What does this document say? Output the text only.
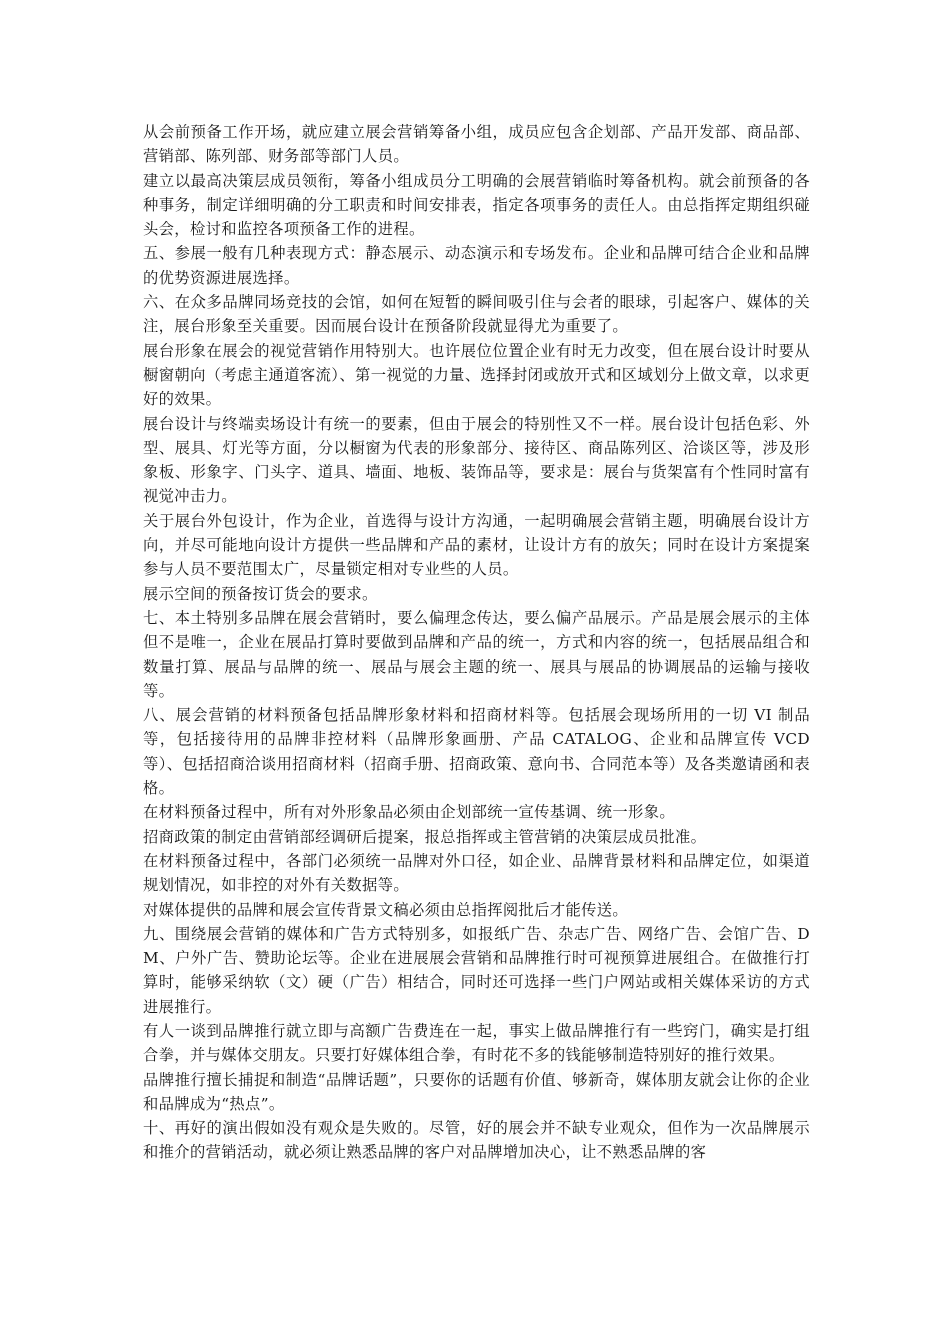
从会前预备工作开场，就应建立展会营销筹备小组，成员应包含企划部、产品开发部、商品部、营销部、陈列部、财务部等部门人员。

建立以最高决策层成员领衔，筹备小组成员分工明确的会展营销临时筹备机构。就会前预备的各种事务，制定详细明确的分工职责和时间安排表，指定各项事务的责任人。由总指挥定期组织碰头会，检讨和监控各项预备工作的进程。

五、参展一般有几种表现方式：静态展示、动态演示和专场发布。企业和品牌可结合企业和品牌的优势资源进展选择。

六、在众多品牌同场竞技的会馆，如何在短暂的瞬间吸引住与会者的眼球，引起客户、媒体的关注，展台形象至关重要。因而展台设计在预备阶段就显得尤为重要了。

展台形象在展会的视觉营销作用特别大。也许展位位置企业有时无力改变，但在展台设计时要从橱窗朝向（考虑主通道客流）、第一视觉的力量、选择封闭或放开式和区域划分上做文章，以求更好的效果。

展台设计与终端卖场设计有统一的要素，但由于展会的特别性又不一样。展台设计包括色彩、外型、展具、灯光等方面，分以橱窗为代表的形象部分、接待区、商品陈列区、洽谈区等，涉及形象板、形象字、门头字、道具、墙面、地板、装饰品等，要求是：展台与货架富有个性同时富有视觉冲击力。

关于展台外包设计，作为企业，首选得与设计方沟通，一起明确展会营销主题，明确展台设计方向，并尽可能地向设计方提供一些品牌和产品的素材，让设计方有的放矢；同时在设计方案提案参与人员不要范围太广，尽量锁定相对专业些的人员。

展示空间的预备按订货会的要求。

七、本土特别多品牌在展会营销时，要么偏理念传达，要么偏产品展示。产品是展会展示的主体但不是唯一，企业在展品打算时要做到品牌和产品的统一，方式和内容的统一，包括展品组合和数量打算、展品与品牌的统一、展品与展会主题的统一、展具与展品的协调展品的运输与接收等。

八、展会营销的材料预备包括品牌形象材料和招商材料等。包括展会现场所用的一切 VI 制品等，包括接待用的品牌非控材料（品牌形象画册、产品 CATALOG、企业和品牌宣传 VCD 等）、包括招商洽谈用招商材料（招商手册、招商政策、意向书、合同范本等）及各类邀请函和表格。

在材料预备过程中，所有对外形象品必须由企划部统一宣传基调、统一形象。

招商政策的制定由营销部经调研后提案，报总指挥或主管营销的决策层成员批准。

在材料预备过程中，各部门必须统一品牌对外口径，如企业、品牌背景材料和品牌定位，如渠道规划情况，如非控的对外有关数据等。

对媒体提供的品牌和展会宣传背景文稿必须由总指挥阅批后才能传送。

九、围绕展会营销的媒体和广告方式特别多，如报纸广告、杂志广告、网络广告、会馆广告、DM、户外广告、赞助论坛等。企业在进展展会营销和品牌推行时可视预算进展组合。在做推行打算时，能够采纳软（文）硬（广告）相结合，同时还可选择一些门户网站或相关媒体采访的方式进展推行。

有人一谈到品牌推行就立即与高额广告费连在一起，事实上做品牌推行有一些窍门，确实是打组合拳，并与媒体交朋友。只要打好媒体组合拳，有时花不多的钱能够制造特别好的推行效果。

品牌推行擅长捕捉和制造“品牌话题”，只要你的话题有价值、够新奇，媒体朋友就会让你的企业和品牌成为“热点”。

十、再好的演出假如没有观众是失败的。尽管，好的展会并不缺专业观众，但作为一次品牌展示和推介的营销活动，就必须让熟悉品牌的客户对品牌增加决心，让不熟悉品牌的客
